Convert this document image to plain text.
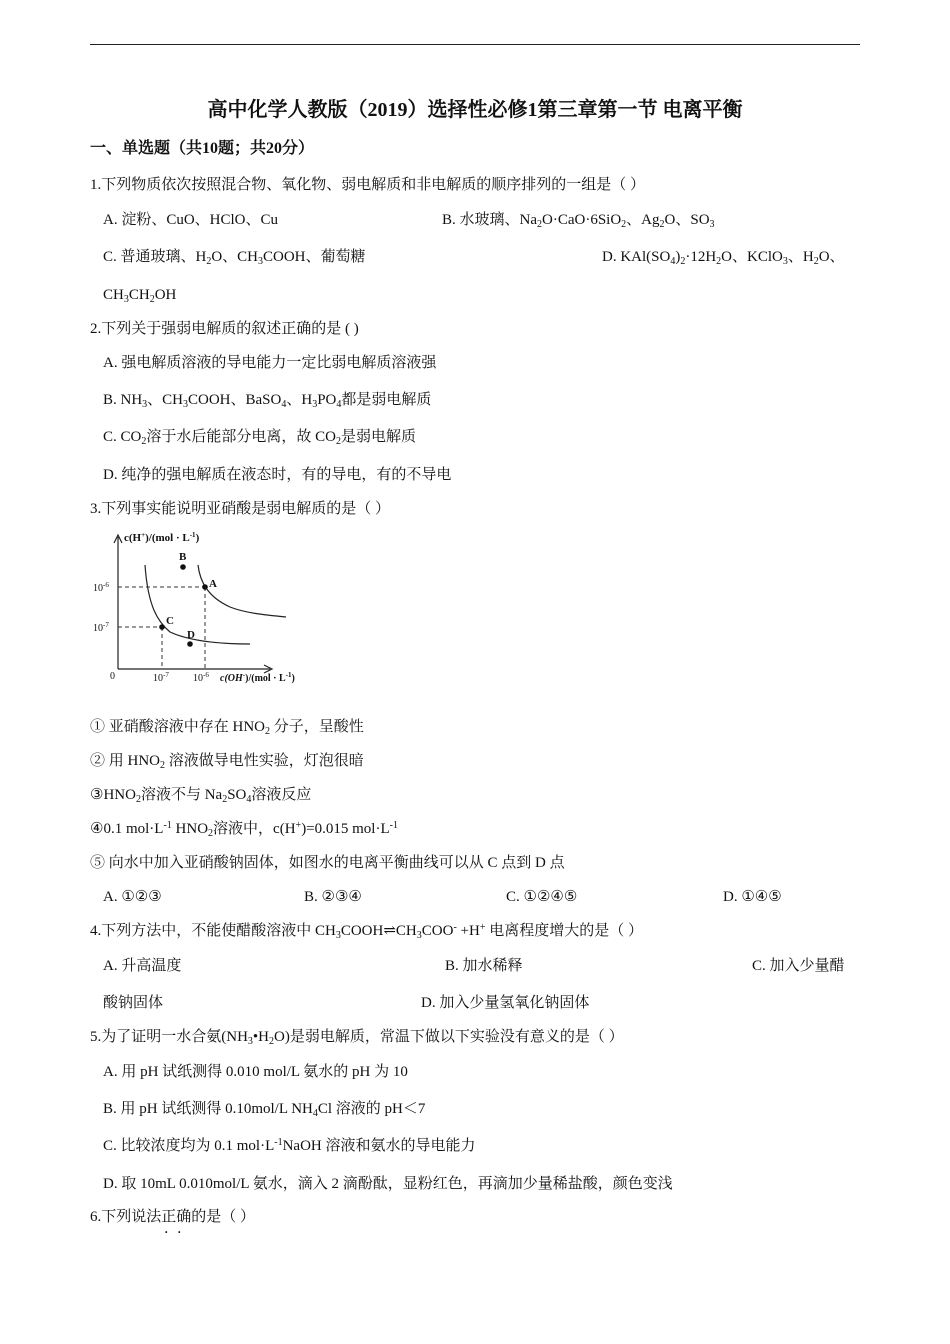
高中化学人教版（2019）选择性必修1第三章第一节 电离平衡
一、单选题（共10题；共20分）
1.下列物质依次按照混合物、氧化物、弱电解质和非电解质的顺序排列的一组是（ ）
A. 淀粉、CuO、HClO、Cu	B. 水玻璃、$Na_2O\cdot CaO\cdot 6SiO_2$、$Ag_2O$、$SO_3$
C. 普通玻璃、$H_2O$、$CH_3COOH$、葡萄糖	D. $KAl(SO_4)_2\cdot 12H_2O$、KClO$_3$、$H_2O$、
$CH_3CH_2OH$
2.下列关于强弱电解质的叙述正确的是 ( )
A. 强电解质溶液的导电能力一定比弱电解质溶液强
B. $NH_3$、$CH_3COOH$、BaSO$_4$、$H_3PO_4$都是弱电解质
C. $CO_2$溶于水后能部分电离，故 $CO_2$是弱电解质
D. 纯净的强电解质在液态时，有的导电，有的不导电
3.下列事实能说明亚硝酸是弱电解质的是（ ）
$c(H^+)/(mol \cdot L^{-1})$
A
B
C
D
$10^{-6}$
$10^{-7}$
0	$10^{-7}$ $10^{-6}$ $c(OH^-)/(mol \cdot L^{-1})$
① 亚硝酸溶液中存在 $HNO_2$ 分子，呈酸性
② 用 $HNO_2$ 溶液做导电性实验，灯泡很暗
$③HNO_2$溶液不与 $Na_2SO_4$溶液反应
④0.1 $mol\cdot L^{-1}$ $HNO_2$溶液中，c(H+)=0.015 $mol\cdot L^{-1}$
⑤ 向水中加入亚硝酸钠固体，如图水的电离平衡曲线可以从 C 点到 D 点
A. ①②③	B. ②③④	C. ①②④⑤	D. ①④⑤
4.下列方法中，不能使醋酸溶液中 $CH_3COOH\rightleftharpoons CH_3COO^- +H^+$ 电离程度增大的是（ ）
A. 升高温度	B. 加水稀释	C. 加入少量醋
酸钠固体	D. 加入少量氢氧化钠固体
5.为了证明一水合氨$(NH_3•H_2O)$是弱电解质，常温下做以下实验没有意义的是（ ）
A. 用 pH 试纸测得 0.010 mol/L 氨水的 pH 为 10
B. 用 pH 试纸测得 0.10mol/L $NH_4Cl$ 溶液的 pH＜7
C. 比较浓度均为 0.1 $mol\cdot L^{-1}NaOH$ 溶液和氨水的导电能力
D. 取 10mL 0.010mol/L 氨水，滴入 2 滴酚酞，显粉红色，再滴加少量稀盐酸，颜色变浅
6.下列说法正确
··
的是（ ）
